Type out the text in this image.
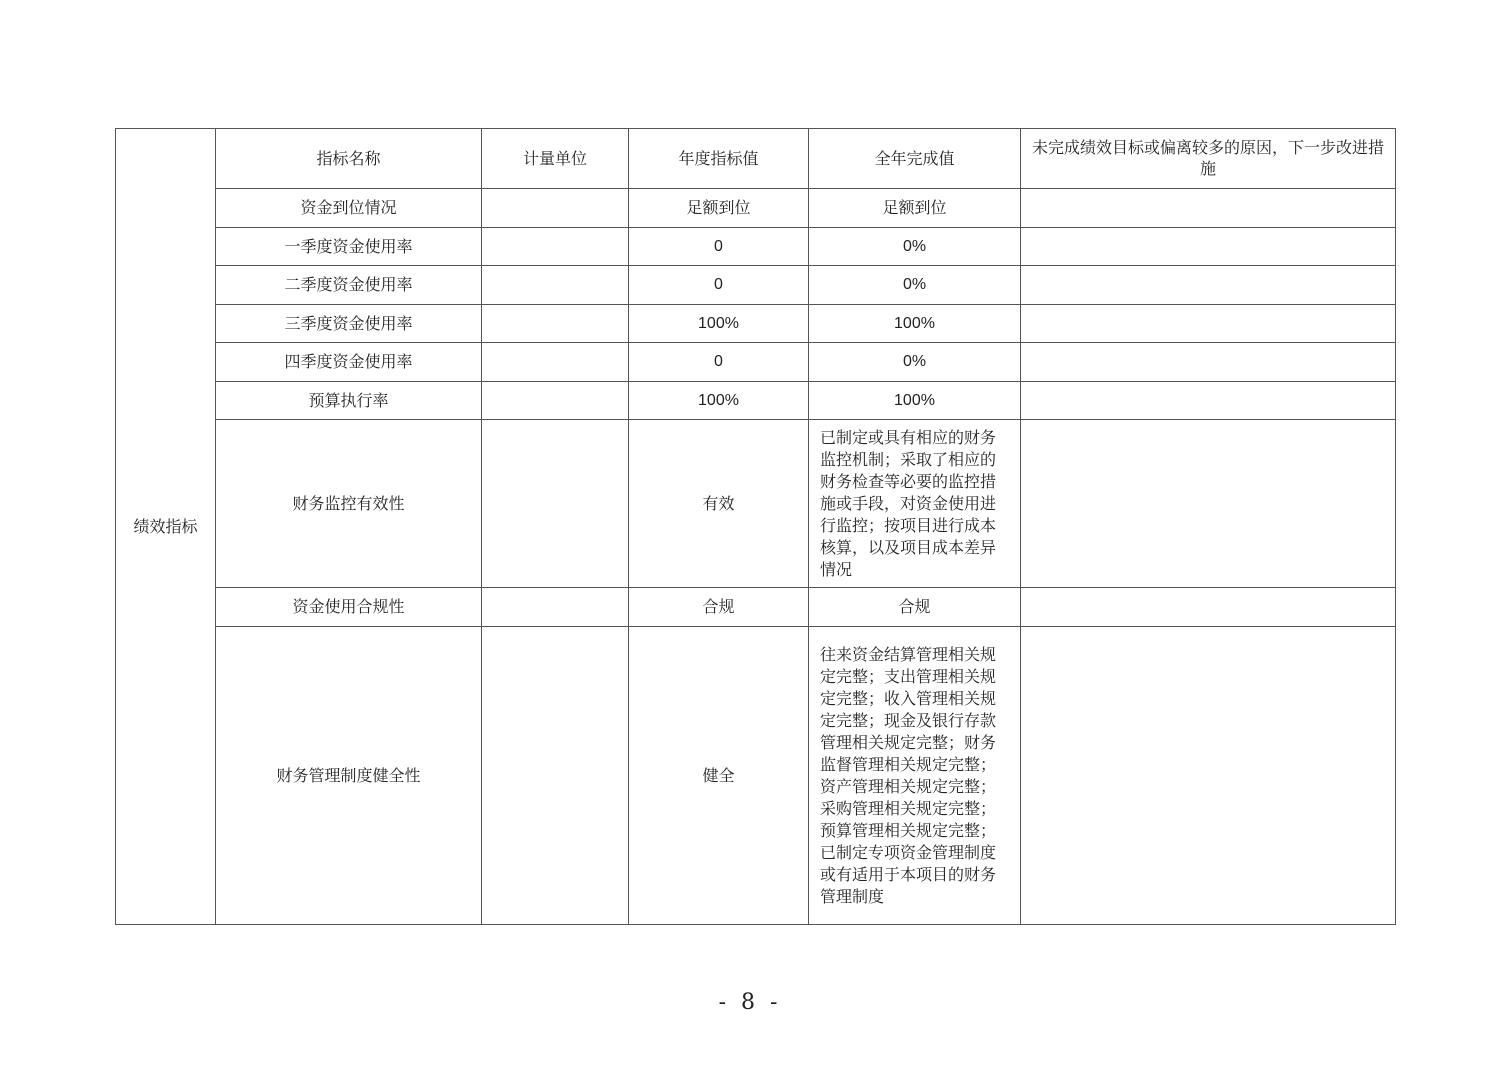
绩效指标	指标名称	计量单位	年度指标值	全年完成值	未完成绩效目标或偏离较多的原因，下一步改进措施
	资金到位情况		足额到位	足额到位	
	一季度资金使用率		0	0%	
	二季度资金使用率		0	0%	
	三季度资金使用率		100%	100%	
	四季度资金使用率		0	0%	
	预算执行率		100%	100%	
	财务监控有效性		有效	已制定或具有相应的财务监控机制；采取了相应的财务检查等必要的监控措施或手段，对资金使用进行监控；按项目进行成本核算，以及项目成本差异情况	
	资金使用合规性		合规	合规	
	财务管理制度健全性		健全	往来资金结算管理相关规定完整；支出管理相关规定完整；收入管理相关规定完整；现金及银行存款管理相关规定完整；财务监督管理相关规定完整；资产管理相关规定完整；采购管理相关规定完整；预算管理相关规定完整；已制定专项资金管理制度或有适用于本项目的财务管理制度	
- 8 -
